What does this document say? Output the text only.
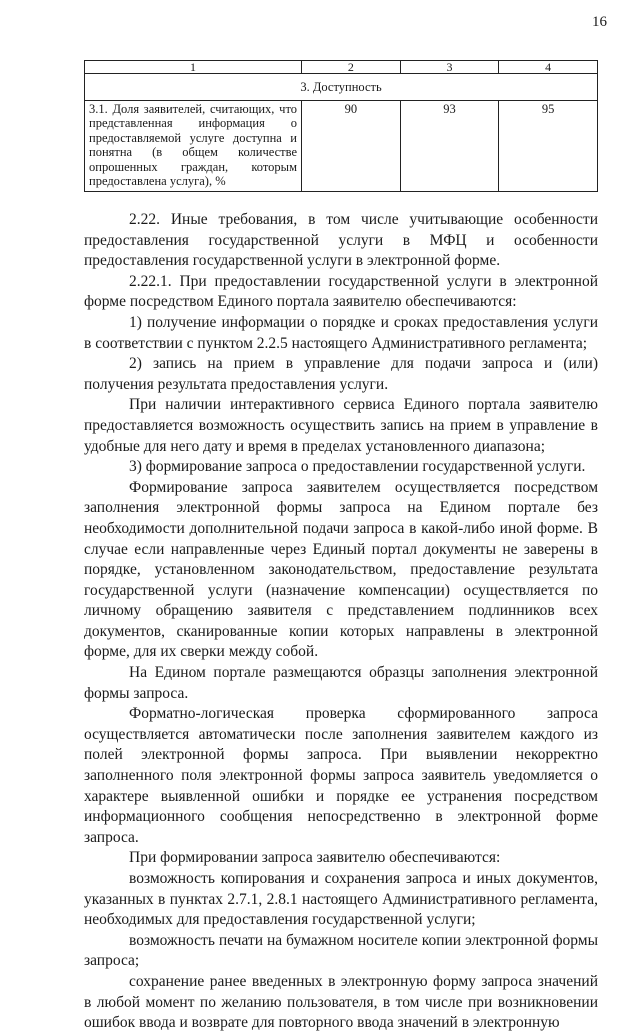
16
1	2	3	4
3. Доступность			
3.1. Доля заявителей, считающих, что представленная информация о предоставляемой услуге доступна и понятна (в общем количестве опрошенных граждан, которым предоставлена услуга), %	90	93	95

2.22. Иные требования, в том числе учитывающие особенности предоставления государственной услуги в МФЦ и особенности предоставления государственной услуги в электронной форме.

2.22.1. При предоставлении государственной услуги в электронной форме посредством Единого портала заявителю обеспечиваются:

1) получение информации о порядке и сроках предоставления услуги в соответствии с пунктом 2.2.5 настоящего Административного регламента;

2) запись на прием в управление для подачи запроса и (или) получения результата предоставления услуги.

При наличии интерактивного сервиса Единого портала заявителю предоставляется возможность осуществить запись на прием в управление в удобные для него дату и время в пределах установленного диапазона;

3) формирование запроса о предоставлении государственной услуги.

Формирование запроса заявителем осуществляется посредством заполнения электронной формы запроса на Едином портале без необходимости дополнительной подачи запроса в какой-либо иной форме. В случае если направленные через Единый портал документы не заверены в порядке, установленном законодательством, предоставление результата государственной услуги (назначение компенсации) осуществляется по личному обращению заявителя с представлением подлинников всех документов, сканированные копии которых направлены в электронной форме, для их сверки между собой.

На Едином портале размещаются образцы заполнения электронной формы запроса.

Форматно-логическая проверка сформированного запроса осуществляется автоматически после заполнения заявителем каждого из полей электронной формы запроса. При выявлении некорректно заполненного поля электронной формы запроса заявитель уведомляется о характере выявленной ошибки и порядке ее устранения посредством информационного сообщения непосредственно в электронной форме запроса.

При формировании запроса заявителю обеспечиваются:

возможность копирования и сохранения запроса и иных документов, указанных в пунктах 2.7.1, 2.8.1 настоящего Административного регламента, необходимых для предоставления государственной услуги;

возможность печати на бумажном носителе копии электронной формы запроса;

сохранение ранее введенных в электронную форму запроса значений в любой момент по желанию пользователя, в том числе при возникновении ошибок ввода и возврате для повторного ввода значений в электронную
